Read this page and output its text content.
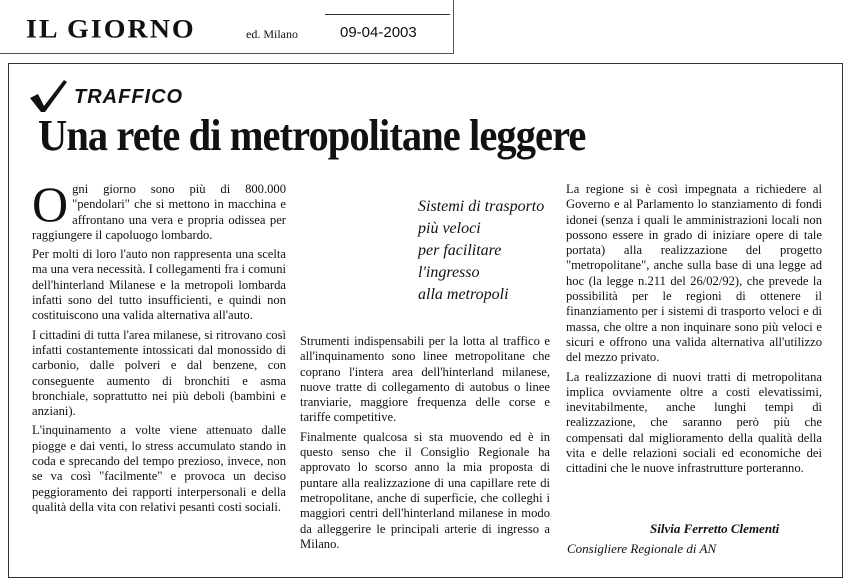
IL GIORNO	ed. Milano	09-04-2003
TRAFFICO
Una rete di metropolitane leggere

Ogni giorno sono più di 800.000 "pendolari" che si mettono in macchina e affrontano una vera e propria odissea per raggiungere il capoluogo lombardo.

Per molti di loro l'auto non rappresenta una scelta ma una vera necessità. I collegamenti fra i comuni dell'hinterland Milanese e la metropoli lombarda infatti sono del tutto insufficienti, e quindi non costituiscono una valida alternativa all'auto.

I cittadini di tutta l'area milanese, si ritrovano così infatti costantemente intossicati dal monossido di carbonio, dalle polveri e dal benzene, con conseguente aumento di bronchiti e asma bronchiale, soprattutto nei più deboli (bambini e anziani).

L'inquinamento a volte viene attenuato dalle piogge e dai venti, lo stress accumulato stando in coda e sprecando del tempo prezioso, invece, non se va così "facilmente" e provoca un deciso peggioramento dei rapporti interpersonali e della qualità della vita con relativi pesanti costi sociali.

Sistemi di trasporto
più veloci
per facilitare
l'ingresso
alla metropoli

Strumenti indispensabili per la lotta al traffico e all'inquinamento sono linee metropolitane che coprano l'intera area dell'hinterland milanese, nuove tratte di collegamento di autobus o linee tranviarie, maggiore frequenza delle corse e tariffe competitive.

Finalmente qualcosa si sta muovendo ed è in questo senso che il Consiglio Regionale ha approvato lo scorso anno la mia proposta di puntare alla realizzazione di una capillare rete di metropolitane, anche di superficie, che colleghi i maggiori centri dell'hinterland milanese in modo da alleggerire le principali arterie di ingresso a Milano.

La regione si è così impegnata a richiedere al Governo e al Parlamento lo stanziamento di fondi idonei (senza i quali le amministrazioni locali non possono essere in grado di iniziare opere di tale portata) alla realizzazione del progetto "metropolitane", anche sulla base di una legge ad hoc (la legge n.211 del 26/02/92), che prevede la possibilità per le regioni di ottenere il finanziamento per i sistemi di trasporto veloci e di massa, che oltre a non inquinare sono più veloci e sicuri e offrono una valida alternativa all'utilizzo del mezzo privato.

La realizzazione di nuovi tratti di metropolitana implica ovviamente oltre a costi elevatissimi, inevitabilmente, anche lunghi tempi di realizzazione, che saranno però più che compensati dal miglioramento della qualità della vita e delle relazioni sociali ed economiche dei cittadini che le nuove infrastrutture porteranno.

Silvia Ferretto Clementi
Consigliere Regionale di AN
